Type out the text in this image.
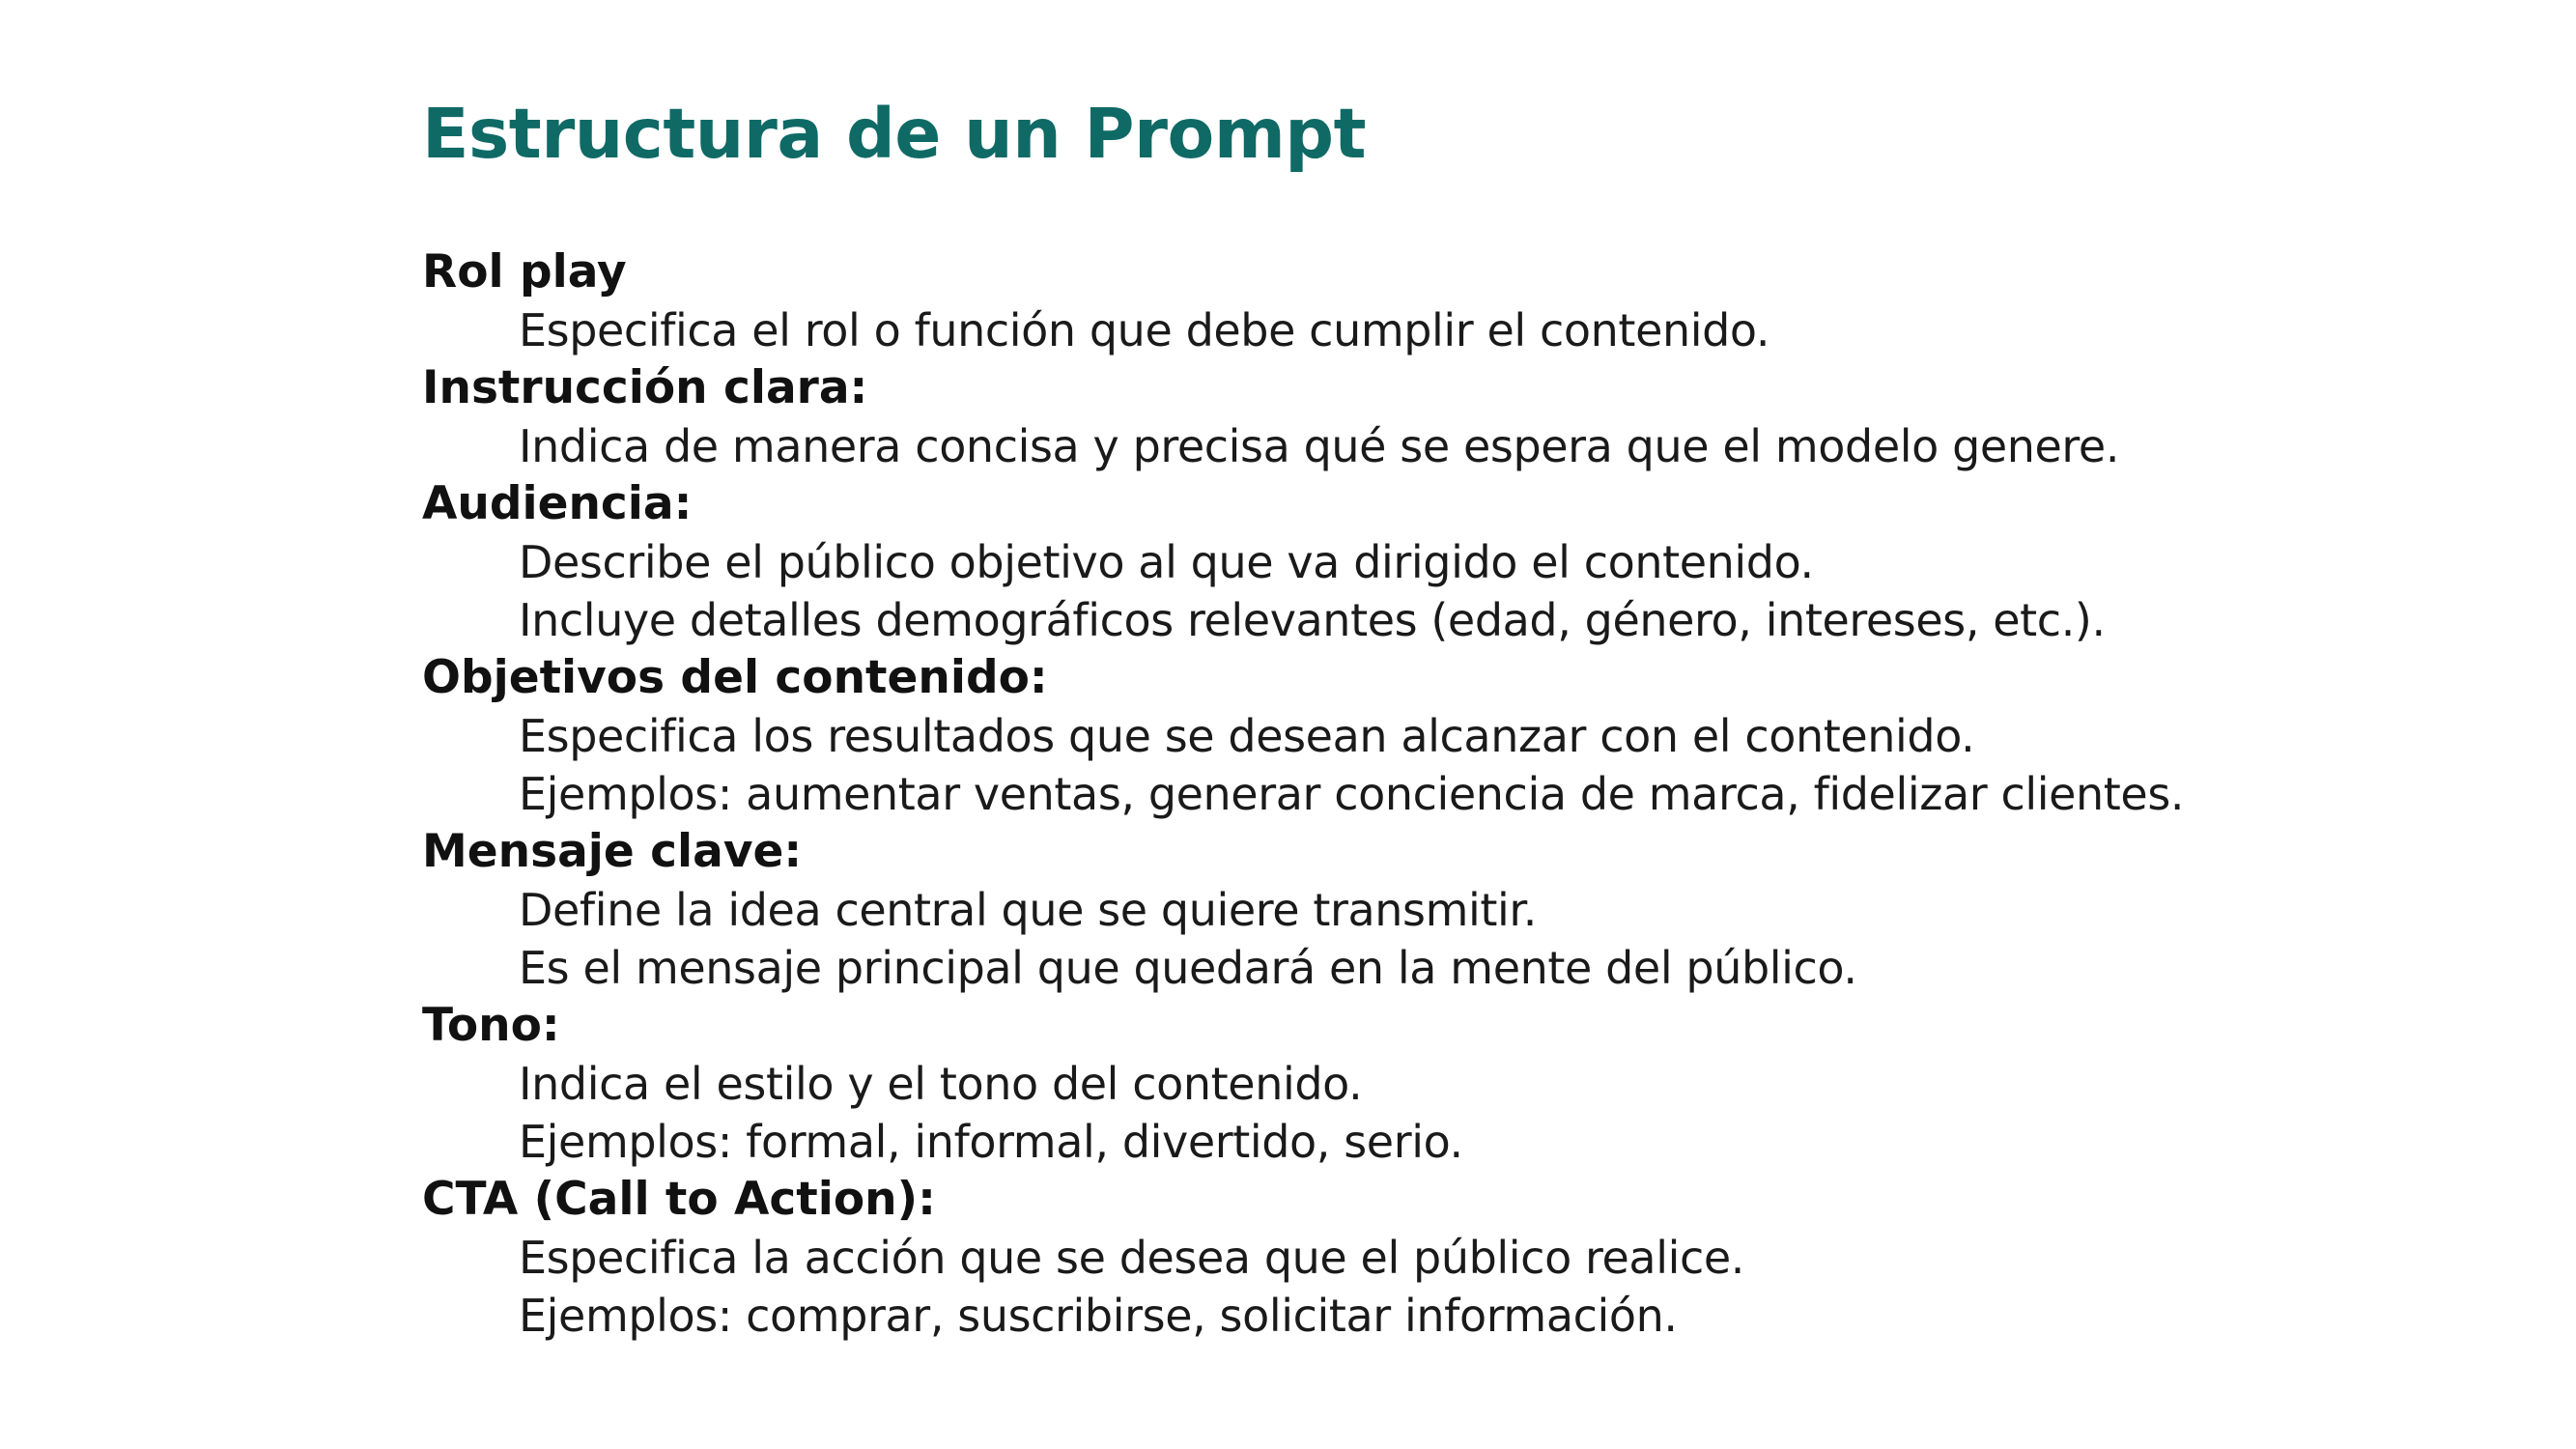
Estructura de un Prompt
Rol play
Especifica el rol o función que debe cumplir el contenido.
Instrucción clara:
Indica de manera concisa y precisa qué se espera que el modelo genere.
Audiencia:
Describe el público objetivo al que va dirigido el contenido.
Incluye detalles demográficos relevantes (edad, género, intereses, etc.).
Objetivos del contenido:
Especifica los resultados que se desean alcanzar con el contenido.
Ejemplos: aumentar ventas, generar conciencia de marca, fidelizar clientes.
Mensaje clave:
Define la idea central que se quiere transmitir.
Es el mensaje principal que quedará en la mente del público.
Tono:
Indica el estilo y el tono del contenido.
Ejemplos: formal, informal, divertido, serio.
CTA (Call to Action):
Especifica la acción que se desea que el público realice.
Ejemplos: comprar, suscribirse, solicitar información.
